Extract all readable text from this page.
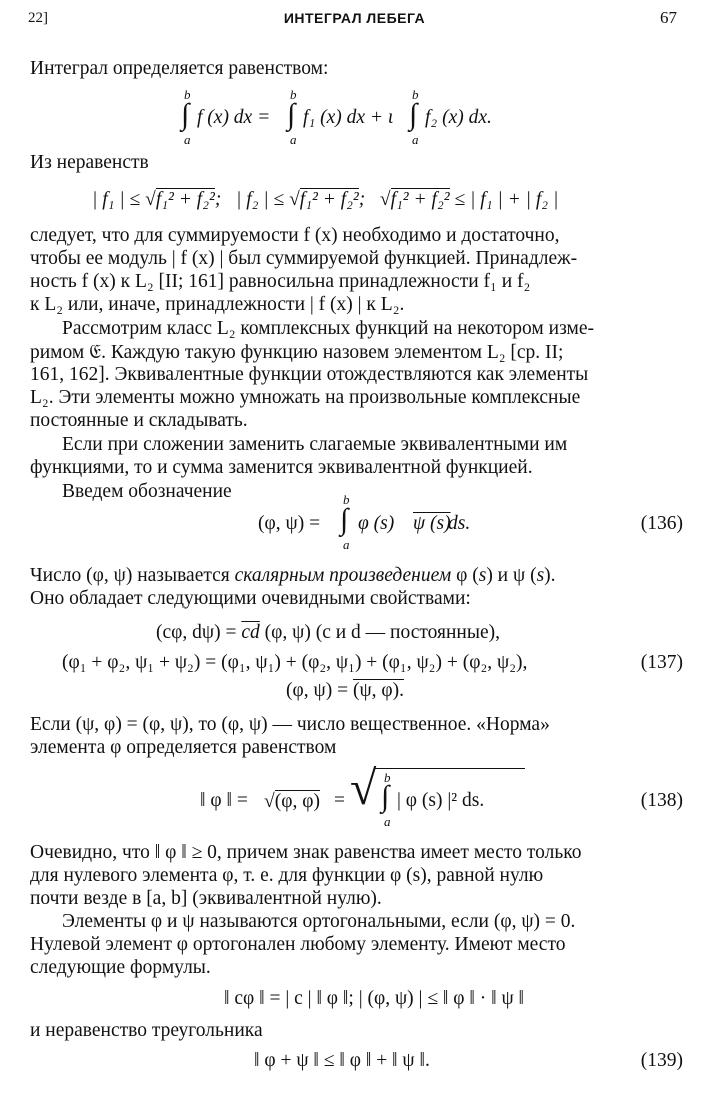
22]	ИНТЕГРАЛ ЛЕБЕГА	67
Интеграл определяется равенством:
b
∫
a
f (x) dx =
b
∫
a
f₁ (x) dx + ι
b
∫
a
f₂ (x) dx.
Из неравенств
| f₁ | ≤ √f₁² + f₂²; | f₂ | ≤ √f₁² + f₂²;   √f₁² + f₂² ≤ | f₁ | + | f₂ |
следует, что для суммируемости f (x) необходимо и достаточно,
чтобы ее модуль | f (x) | был суммируемой функцией. Принадлеж-
ность f (x) к L₂ [II; 161] равносильна принадлежности f₁ и f₂
к L₂ или, иначе, принадлежности | f (x) | к L₂.
Рассмотрим класс L₂ комплексных функций на некотором изме-
римом 𝔈. Каждую такую функцию назовем элементом L₂ [ср. II;
161, 162]. Эквивалентные функции отождествляются как элементы
L₂. Эти элементы можно умножать на произвольные комплексные
постоянные и складывать.
Если при сложении заменить слагаемые эквивалентными им
функциями, то и сумма заменится эквивалентной функцией.
Введем обозначение
(φ, ψ) =
b
∫
a
φ (s) ψ (s)
ds.	(136)
Число (φ, ψ) называется скалярным произведением φ (s) и ψ (s).
Оно обладает следующими очевидными свойствами:
(cφ, $d\psi) = \overline{cd}$ (φ, ψ) (c и d — постоянные),
(φ₁ + φ₂, ψ₁ + ψ₂) = (φ₁, ψ₁) + (φ₂, ψ₁) + (φ₁, ψ₂) + (φ₂, ψ₂),	(137)
(φ, ψ) = (ψ, φ).
Если (ψ, φ) = (φ, ψ), то (φ, ψ) — число вещественное. «Норма»
элемента φ определяется равенством
‖ φ ‖ = √(φ, φ) = √ b
∫
a
| φ (s) |² ds.	(138)
Очевидно, что ‖ φ ‖ ≥ 0, причем знак равенства имеет место только
для нулевого элемента φ, т. е. для функции φ (s), равной нулю
почти везде в [a, b] (эквивалентной нулю).
Элементы φ и ψ называются ортогональными, если (φ, ψ) = 0.
Нулевой элемент φ ортогонален любому элементу. Имеют место
следующие формулы.
‖ cφ ‖ = | c | ‖ φ ‖; | (φ, ψ) | ≤ ‖ φ ‖ · ‖ ψ ‖
и неравенство треугольника
‖ φ + ψ ‖ ≤ ‖ φ ‖ + ‖ ψ ‖.	(139)
